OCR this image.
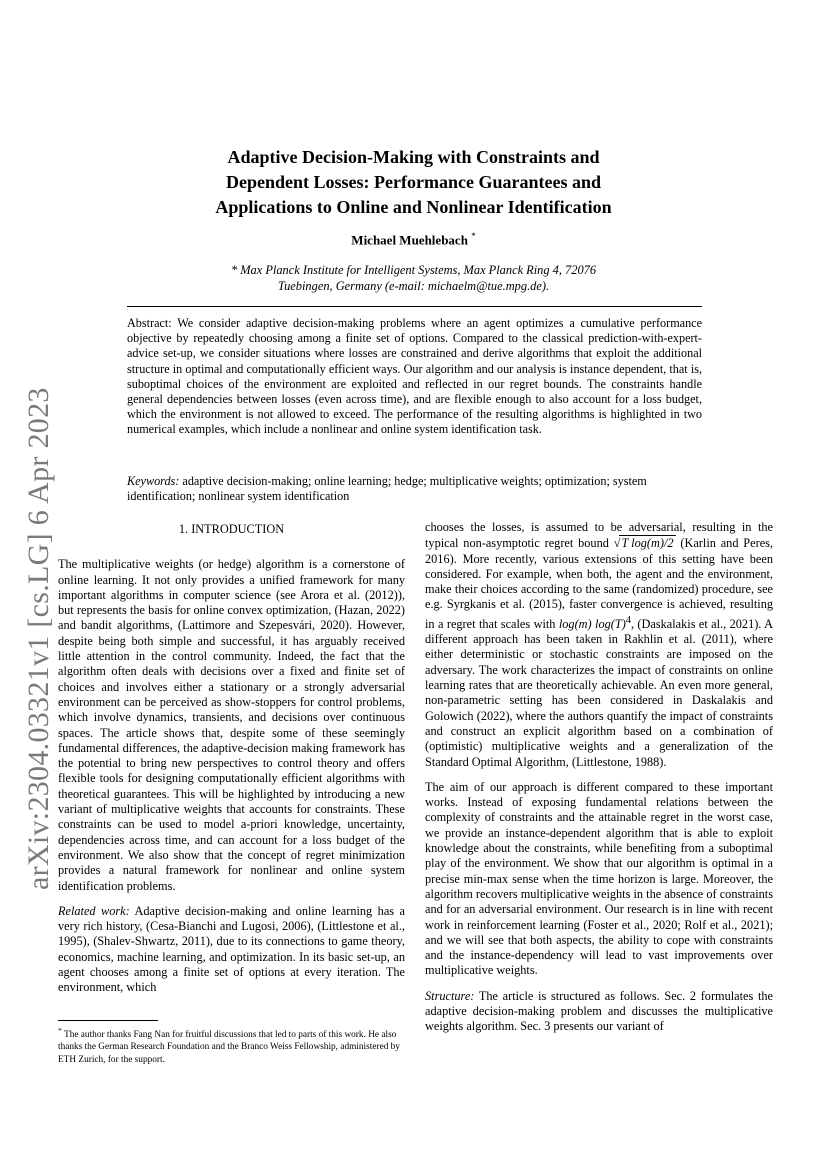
arXiv:2304.03321v1 [cs.LG] 6 Apr 2023
Adaptive Decision-Making with Constraints and
Dependent Losses: Performance Guarantees and
Applications to Online and Nonlinear Identification
Michael Muehlebach *
* Max Planck Institute for Intelligent Systems, Max Planck Ring 4, 72076
Tuebingen, Germany (e-mail: michaelm@tue.mpg.de).
Abstract: We consider adaptive decision-making problems where an agent optimizes a cumulative performance objective by repeatedly choosing among a finite set of options. Compared to the classical prediction-with-expert-advice set-up, we consider situations where losses are constrained and derive algorithms that exploit the additional structure in optimal and computationally efficient ways. Our algorithm and our analysis is instance dependent, that is, suboptimal choices of the environment are exploited and reflected in our regret bounds. The constraints handle general dependencies between losses (even across time), and are flexible enough to also account for a loss budget, which the environment is not allowed to exceed. The performance of the resulting algorithms is highlighted in two numerical examples, which include a nonlinear and online system identification task.
Keywords: adaptive decision-making; online learning; hedge; multiplicative weights; optimization; system identification; nonlinear system identification
1. INTRODUCTION
The multiplicative weights (or hedge) algorithm is a cornerstone of online learning. It not only provides a unified framework for many important algorithms in computer science (see Arora et al. (2012)), but represents the basis for online convex optimization, (Hazan, 2022) and bandit algorithms, (Lattimore and Szepesvári, 2020). However, despite being both simple and successful, it has arguably received little attention in the control community. Indeed, the fact that the algorithm often deals with decisions over a fixed and finite set of choices and involves either a stationary or a strongly adversarial environment can be perceived as show-stoppers for control problems, which involve dynamics, transients, and decisions over continuous spaces. The article shows that, despite some of these seemingly fundamental differences, the adaptive-decision making framework has the potential to bring new perspectives to control theory and offers flexible tools for designing computationally efficient algorithms with theoretical guarantees. This will be highlighted by introducing a new variant of multiplicative weights that accounts for constraints. These constraints can be used to model a-priori knowledge, uncertainty, dependencies across time, and can account for a loss budget of the environment. We also show that the concept of regret minimization provides a natural framework for nonlinear and online system identification problems.
Related work: Adaptive decision-making and online learning has a very rich history, (Cesa-Bianchi and Lugosi, 2006), (Littlestone et al., 1995), (Shalev-Shwartz, 2011), due to its connections to game theory, economics, machine learning, and optimization. In its basic set-up, an agent chooses among a finite set of options at every iteration. The environment, which
chooses the losses, is assumed to be adversarial, resulting in the typical non-asymptotic regret bound √T log(m)/2 (Karlin and Peres, 2016). More recently, various extensions of this setting have been considered. For example, when both, the agent and the environment, make their choices according to the same (randomized) procedure, see e.g. Syrgkanis et al. (2015), faster convergence is achieved, resulting in a regret that scales with log(m) $\log(T)^4$, (Daskalakis et al., 2021). A different approach has been taken in Rakhlin et al. (2011), where either deterministic or stochastic constraints are imposed on the adversary. The work characterizes the impact of constraints on online learning rates that are theoretically achievable. An even more general, non-parametric setting has been considered in Daskalakis and Golowich (2022), where the authors quantify the impact of constraints and construct an explicit algorithm based on a combination of (optimistic) multiplicative weights and a generalization of the Standard Optimal Algorithm, (Littlestone, 1988).
The aim of our approach is different compared to these important works. Instead of exposing fundamental relations between the complexity of constraints and the attainable regret in the worst case, we provide an instance-dependent algorithm that is able to exploit knowledge about the constraints, while benefiting from a suboptimal play of the environment. We show that our algorithm is optimal in a precise min-max sense when the time horizon is large. Moreover, the algorithm recovers multiplicative weights in the absence of constraints and for an adversarial environment. Our research is in line with recent work in reinforcement learning (Foster et al., 2020; Rolf et al., 2021); and we will see that both aspects, the ability to cope with constraints and the instance-dependency will lead to vast improvements over multiplicative weights.
Structure: The article is structured as follows. Sec. 2 formulates the adaptive decision-making problem and discusses the multiplicative weights algorithm. Sec. 3 presents our variant of
* The author thanks Fang Nan for fruitful discussions that led to parts of this work. He also thanks the German Research Foundation and the Branco Weiss Fellowship, administered by ETH Zurich, for the support.
